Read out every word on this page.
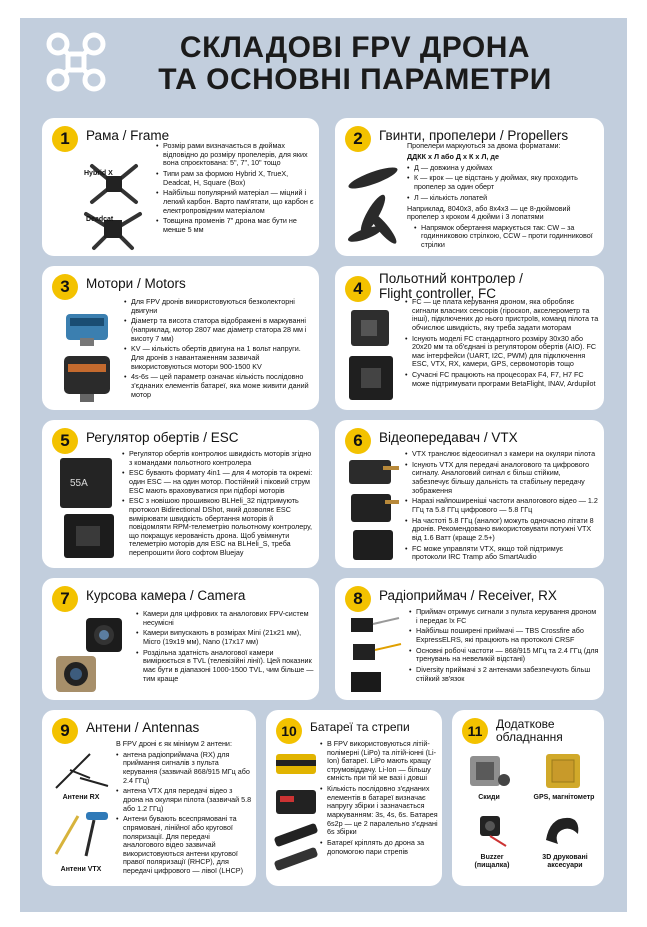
СКЛАДОВІ FPV ДРОНА
ТА ОСНОВНІ ПАРАМЕТРИ
1	Рама / Frame
Hybrid X
Deadcat
• Розмір рами визначається в дюймах відповідно до розміру пропелерів, для яких вона спроєктована: 5", 7", 10" тощо
• Типи рам за формою Hybrid X, TrueX, Deadcat, H, Square (Box)
• Найбільш популярний матеріал — міцний і легкий карбон. Варто пам'ятати, що карбон є електропровідним матеріалом
• Товщина променів 7" дрона має бути не менше 5 мм
2	Гвинти, пропелери / Propellers
Пропелери маркуються за двома форматами:
ДДКК х Л або Д х К х Л, де
• Д — довжина у дюймах
• К — крок — це відстань у дюймах, яку проходить пропелер за один оберт
• Л — кількість лопатей
Наприклад, 8040x3, або 8x4x3 — це 8-дюймовий пропелер з кроком 4 дюйми і 3 лопатями
• Напрямок обертання маркується так: CW – за годинниковою стрілкою, CCW – проти годинникової стрілки
3	Мотори / Motors
• Для FPV дронів використовуються безколекторні двигуни
• Діаметр та висота статора відображені в маркуванні (наприклад, мотор 2807 має діаметр статора 28 мм і висоту 7 мм)
• KV — кількість обертів двигуна на 1 вольт напруги. Для дронів з навантаженням зазвичай використовуються мотори 900-1500 KV
• 4s-6s — цей параметр означає кількість послідовно з'єднаних елементів батареї, яка може живити даний мотор
4
Польотний контролер /
Flight controller, FC
• FC — це плата керування дроном, яка обробляє сигнали власних сенсорів (гіроскоп, акселерометр та інші), підключених до нього пристроїв, команд пілота та обчислює швидкість, яку треба задати моторам
• Існують моделі FC стандартного розміру 30x30 або 20x20 мм та об'єднані із регулятором обертів (AIO). FC має інтерфейси (UART, I2C, PWM) для підключення ESC, VTX, RX, камери, GPS, сервомоторів тощо
• Сучасні FC працюють на процесорах F4, F7, H7 FC може підтримувати програми BetaFlight, INAV, Ardupilot
5	Регулятор обертів / ESC
55A
• Регулятор обертів контролює швидкість моторів згідно з командами польотного контролера
• ESC бувають формату 4in1 — для 4 моторів та окремі: один ESC — на один мотор. Постійний і піковий струм ESC мають враховуватися при підборі моторів
• ESC з новішою прошивкою BLHeli_32 підтримують протокол Bidirectional DShot, який дозволяє ESC вимірювати швидкість обертання моторів й повідомляти RPM-телеметрію польотному контролеру, що покращує керованість дрона. Щоб увімкнути телеметрію моторів для ESC на BLHeli_S, треба перепрошити його софтом Bluejay
6	Відеопередавач / VTX
• VTX транслює відеосигнал з камери на окуляри пілота
• Існують VTX для передачі аналогового та цифрового сигналу. Аналоговий сигнал є більш стійким, забезпечує більшу дальність та стабільну передачу зображення
• Наразі найпоширеніші частоти аналогового відео — 1.2 ГГц та 5.8 ГГц цифрового — 5.8 ГГц
• На частоті 5.8 ГГц (аналог) можуть одночасно літати 8 дронів. Рекомендовано використовувати потужні VTX від 1.6 Ватт (краще 2.5+)
• FC може управляти VTX, якщо той підтримує протоколи IRC Tramp або SmartAudio
7	Курсова камера / Camera
• Камери для цифрових та аналогових FPV-систем несумісні
• Камери випускають в розмірах Mini (21x21 мм), Micro (19x19 мм), Nano (17x17 мм)
• Роздільна здатність аналогової камери вимірюється в TVL (телевізійні лінії). Цей показник має бути в діапазоні 1000-1500 TVL, чим більше — тим краще
8	Радіоприймач / Receiver, RX
• Приймач отримує сигнали з пульта керування дроном і передає їх FC
• Найбільш поширені приймачі — TBS Crossfire або ExpressELRS, які працюють на протоколі CRSF
• Основні робочі частоти — 868/915 МГц та 2.4 ГГц (для тренувань на невеликій відстані)
• Diversity приймачі з 2 антенами забезпечують більш стійкий зв'язок
9	Антени / Antennas
Антени RX
Антени VTX
В FPV дроні є як мінімум 2 антени:
• антена радіоприймача (RX) для приймання сигналів з пульта керування (зазвичай 868/915 МГц або 2.4 ГГц)
• антена VTX для передачі відео з дрона на окуляри пілота (зазвичай 5.8 або 1.2 ГГц)
• Антени бувають всеспрямовані та спрямовані, лінійної або кругової поляризації. Для передачі аналогового відео зазвичай використовуються антени кругової правої поляризації (RHCP), для передачі цифрового — лівої (LHCP)
10	Батареї та стрепи
• В FPV використовуються літій-полімерні (LiPo) та літій-іонні (Li-Ion) батареї. LiPo мають кращу струмовіддачу. Li-Ion — більшу ємність при тій же вазі і довші
• Кількість послідовно з'єднаних елементів в батареї визначає напругу збірки і зазначається маркуванням: 3s, 4s, 6s. Батарея 6s2p — це 2 паралельно з'єднані 6s збірки
• Батареї кріплять до дрона за допомогою пари стрепів
11	Додаткове
обладнання
Скиди	GPS, магнітометр
Buzzer
(пищалка)
3D друковані
аксесуари
